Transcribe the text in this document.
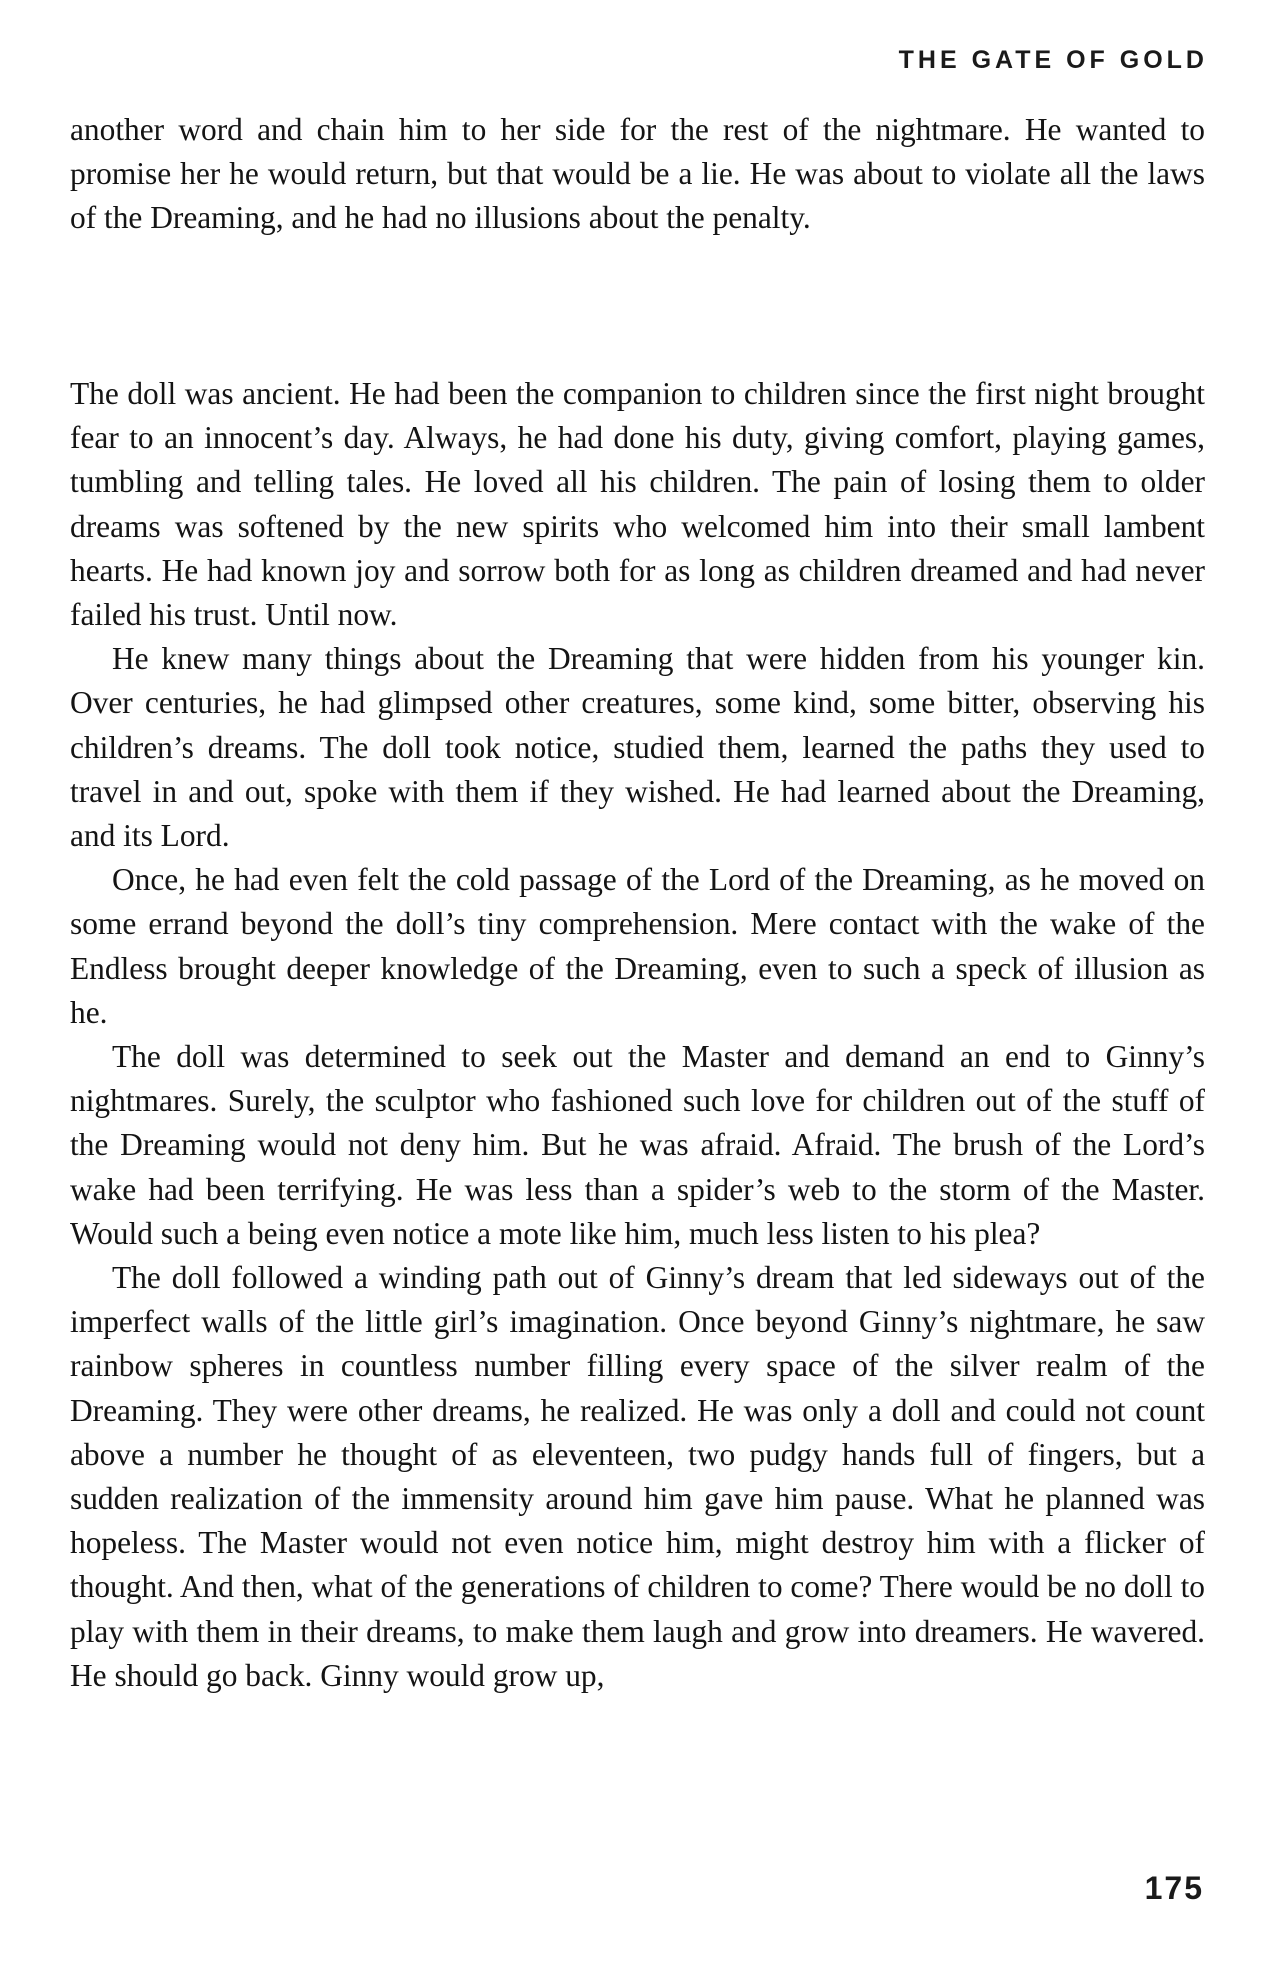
THE GATE OF GOLD

another word and chain him to her side for the rest of the nightmare. He wanted to promise her he would return, but that would be a lie. He was about to violate all the laws of the Dreaming, and he had no illusions about the penalty.

The doll was ancient. He had been the companion to children since the first night brought fear to an innocent’s day. Always, he had done his duty, giving comfort, playing games, tumbling and telling tales. He loved all his children. The pain of losing them to older dreams was softened by the new spirits who welcomed him into their small lambent hearts. He had known joy and sorrow both for as long as children dreamed and had never failed his trust. Until now.

He knew many things about the Dreaming that were hidden from his younger kin. Over centuries, he had glimpsed other creatures, some kind, some bitter, observing his children’s dreams. The doll took notice, studied them, learned the paths they used to travel in and out, spoke with them if they wished. He had learned about the Dreaming, and its Lord.

Once, he had even felt the cold passage of the Lord of the Dreaming, as he moved on some errand beyond the doll’s tiny comprehension. Mere contact with the wake of the Endless brought deeper knowledge of the Dreaming, even to such a speck of illusion as he.

The doll was determined to seek out the Master and demand an end to Ginny’s nightmares. Surely, the sculptor who fashioned such love for children out of the stuff of the Dreaming would not deny him. But he was afraid. Afraid. The brush of the Lord’s wake had been terrifying. He was less than a spider’s web to the storm of the Master. Would such a being even notice a mote like him, much less listen to his plea?

The doll followed a winding path out of Ginny’s dream that led sideways out of the imperfect walls of the little girl’s imagination. Once beyond Ginny’s nightmare, he saw rainbow spheres in countless number filling every space of the silver realm of the Dreaming. They were other dreams, he realized. He was only a doll and could not count above a number he thought of as eleventeen, two pudgy hands full of fingers, but a sudden realization of the immensity around him gave him pause. What he planned was hopeless. The Master would not even notice him, might destroy him with a flicker of thought. And then, what of the generations of children to come? There would be no doll to play with them in their dreams, to make them laugh and grow into dreamers. He wavered. He should go back. Ginny would grow up,

175
